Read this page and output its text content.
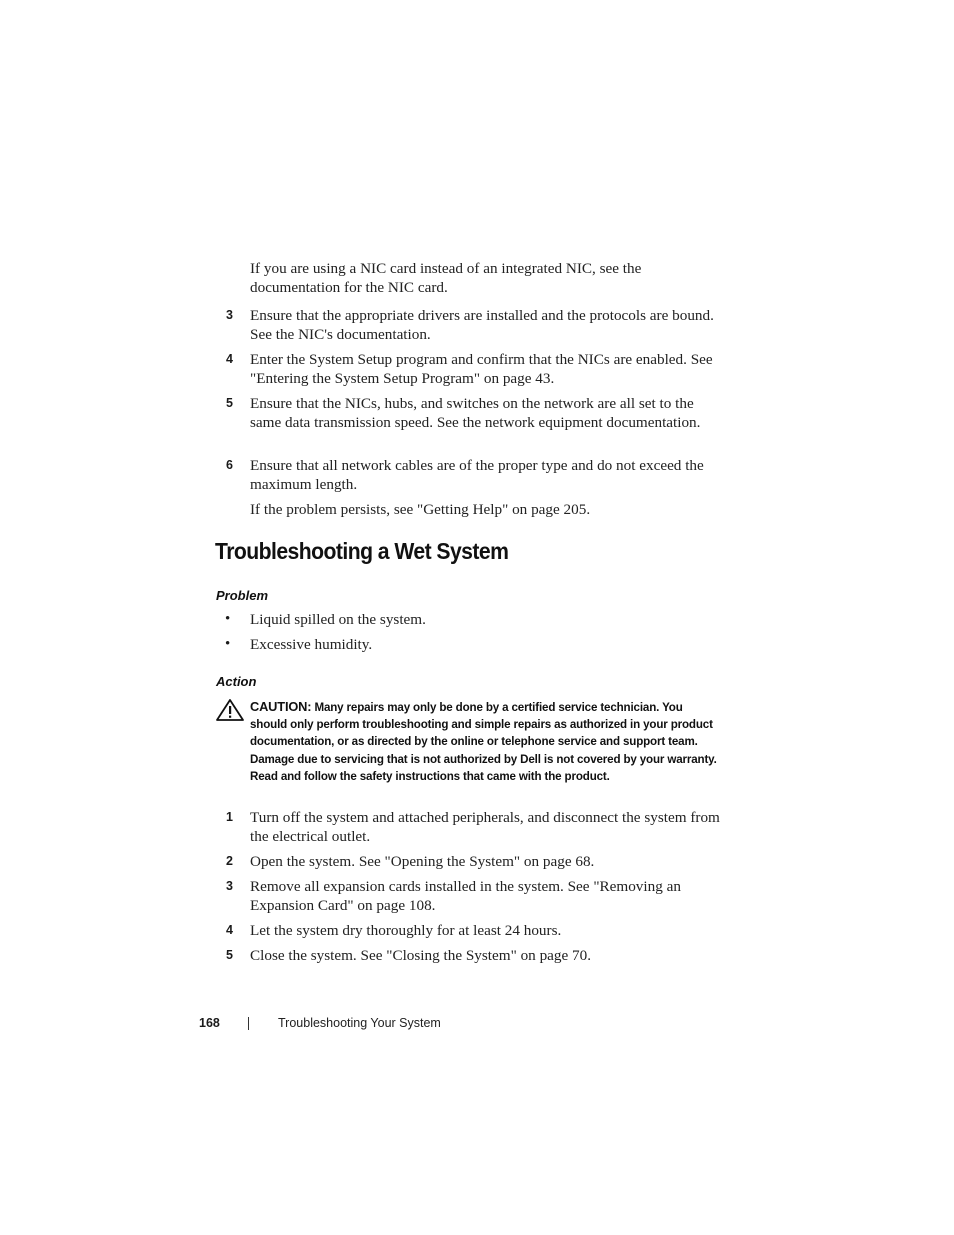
If you are using a NIC card instead of an integrated NIC, see the documentation for the NIC card.
3 Ensure that the appropriate drivers are installed and the protocols are bound. See the NIC's documentation.
4 Enter the System Setup program and confirm that the NICs are enabled. See "Entering the System Setup Program" on page 43.
5 Ensure that the NICs, hubs, and switches on the network are all set to the same data transmission speed. See the network equipment documentation.
6 Ensure that all network cables are of the proper type and do not exceed the maximum length.
If the problem persists, see "Getting Help" on page 205.
Troubleshooting a Wet System
Problem
• Liquid spilled on the system.
• Excessive humidity.
Action
CAUTION: Many repairs may only be done by a certified service technician. You should only perform troubleshooting and simple repairs as authorized in your product documentation, or as directed by the online or telephone service and support team. Damage due to servicing that is not authorized by Dell is not covered by your warranty. Read and follow the safety instructions that came with the product.
1 Turn off the system and attached peripherals, and disconnect the system from the electrical outlet.
2 Open the system. See "Opening the System" on page 68.
3 Remove all expansion cards installed in the system. See "Removing an Expansion Card" on page 108.
4 Let the system dry thoroughly for at least 24 hours.
5 Close the system. See "Closing the System" on page 70.
168	Troubleshooting Your System
